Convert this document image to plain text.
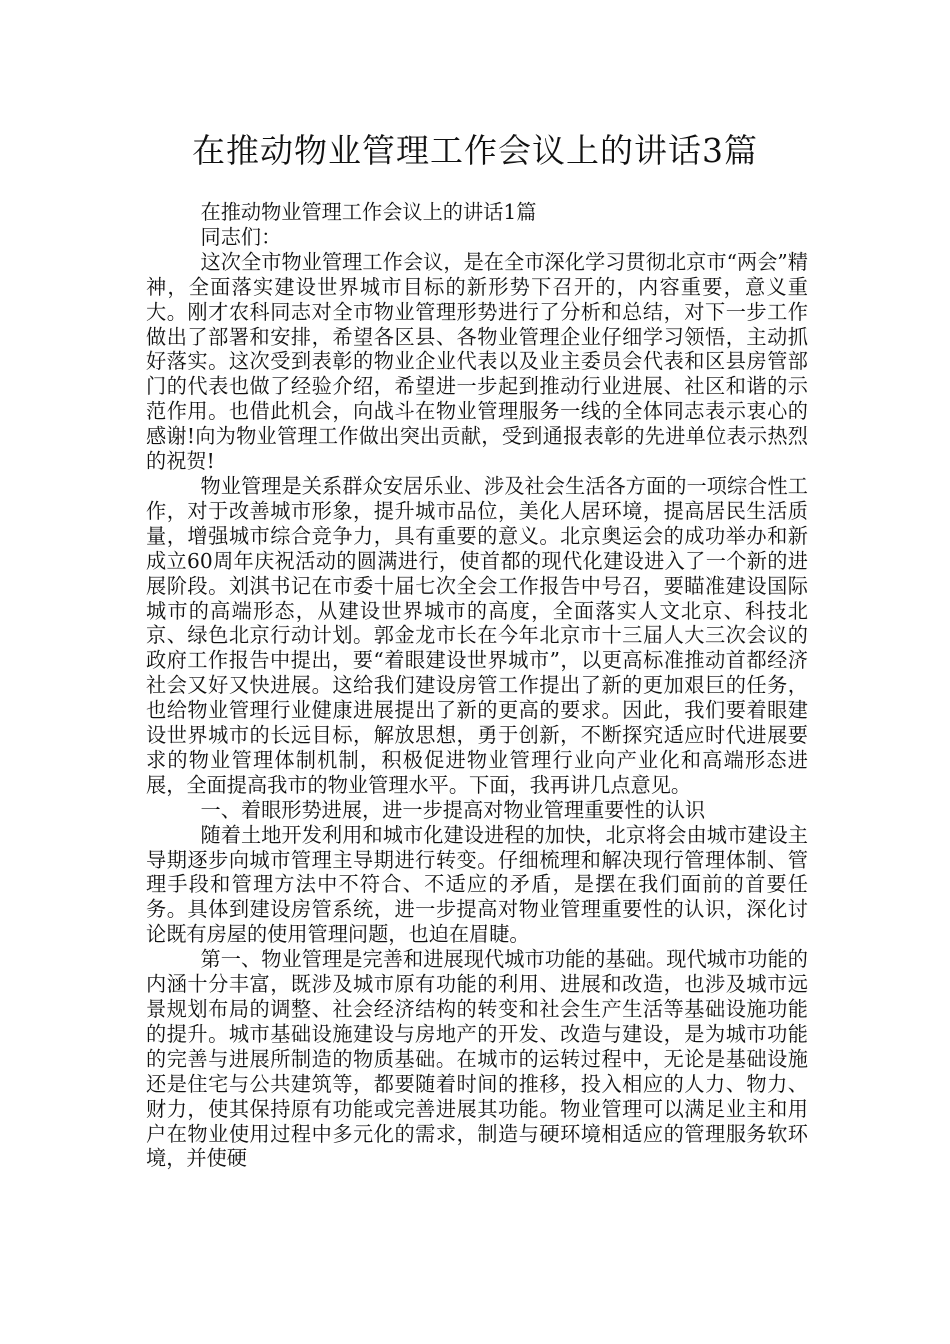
在推动物业管理工作会议上的讲话3篇

在推动物业管理工作会议上的讲话1篇

同志们：

这次全市物业管理工作会议，是在全市深化学习贯彻北京市“两会”精神，全面落实建设世界城市目标的新形势下召开的，内容重要，意义重大。刚才农科同志对全市物业管理形势进行了分析和总结，对下一步工作做出了部署和安排，希望各区县、各物业管理企业仔细学习领悟，主动抓好落实。这次受到表彰的物业企业代表以及业主委员会代表和区县房管部门的代表也做了经验介绍，希望进一步起到推动行业进展、社区和谐的示范作用。也借此机会，向战斗在物业管理服务一线的全体同志表示衷心的感谢!向为物业管理工作做出突出贡献，受到通报表彰的先进单位表示热烈的祝贺!

物业管理是关系群众安居乐业、涉及社会生活各方面的一项综合性工作，对于改善城市形象，提升城市品位，美化人居环境，提高居民生活质量，增强城市综合竞争力，具有重要的意义。北京奥运会的成功举办和新成立60周年庆祝活动的圆满进行，使首都的现代化建设进入了一个新的进展阶段。刘淇书记在市委十届七次全会工作报告中号召，要瞄准建设国际城市的高端形态，从建设世界城市的高度，全面落实人文北京、科技北京、绿色北京行动计划。郭金龙市长在今年北京市十三届人大三次会议的政府工作报告中提出，要“着眼建设世界城市”，以更高标准推动首都经济社会又好又快进展。这给我们建设房管工作提出了新的更加艰巨的任务，也给物业管理行业健康进展提出了新的更高的要求。因此，我们要着眼建设世界城市的长远目标，解放思想，勇于创新，不断探究适应时代进展要求的物业管理体制机制，积极促进物业管理行业向产业化和高端形态进展，全面提高我市的物业管理水平。下面，我再讲几点意见。

一、着眼形势进展，进一步提高对物业管理重要性的认识

随着土地开发利用和城市化建设进程的加快，北京将会由城市建设主导期逐步向城市管理主导期进行转变。仔细梳理和解决现行管理体制、管理手段和管理方法中不符合、不适应的矛盾，是摆在我们面前的首要任务。具体到建设房管系统，进一步提高对物业管理重要性的认识，深化讨论既有房屋的使用管理问题，也迫在眉睫。

第一、物业管理是完善和进展现代城市功能的基础。现代城市功能的内涵十分丰富，既涉及城市原有功能的利用、进展和改造，也涉及城市远景规划布局的调整、社会经济结构的转变和社会生产生活等基础设施功能的提升。城市基础设施建设与房地产的开发、改造与建设，是为城市功能的完善与进展所制造的物质基础。在城市的运转过程中，无论是基础设施还是住宅与公共建筑等，都要随着时间的推移，投入相应的人力、物力、财力，使其保持原有功能或完善进展其功能。物业管理可以满足业主和用户在物业使用过程中多元化的需求，制造与硬环境相适应的管理服务软环境，并使硬
